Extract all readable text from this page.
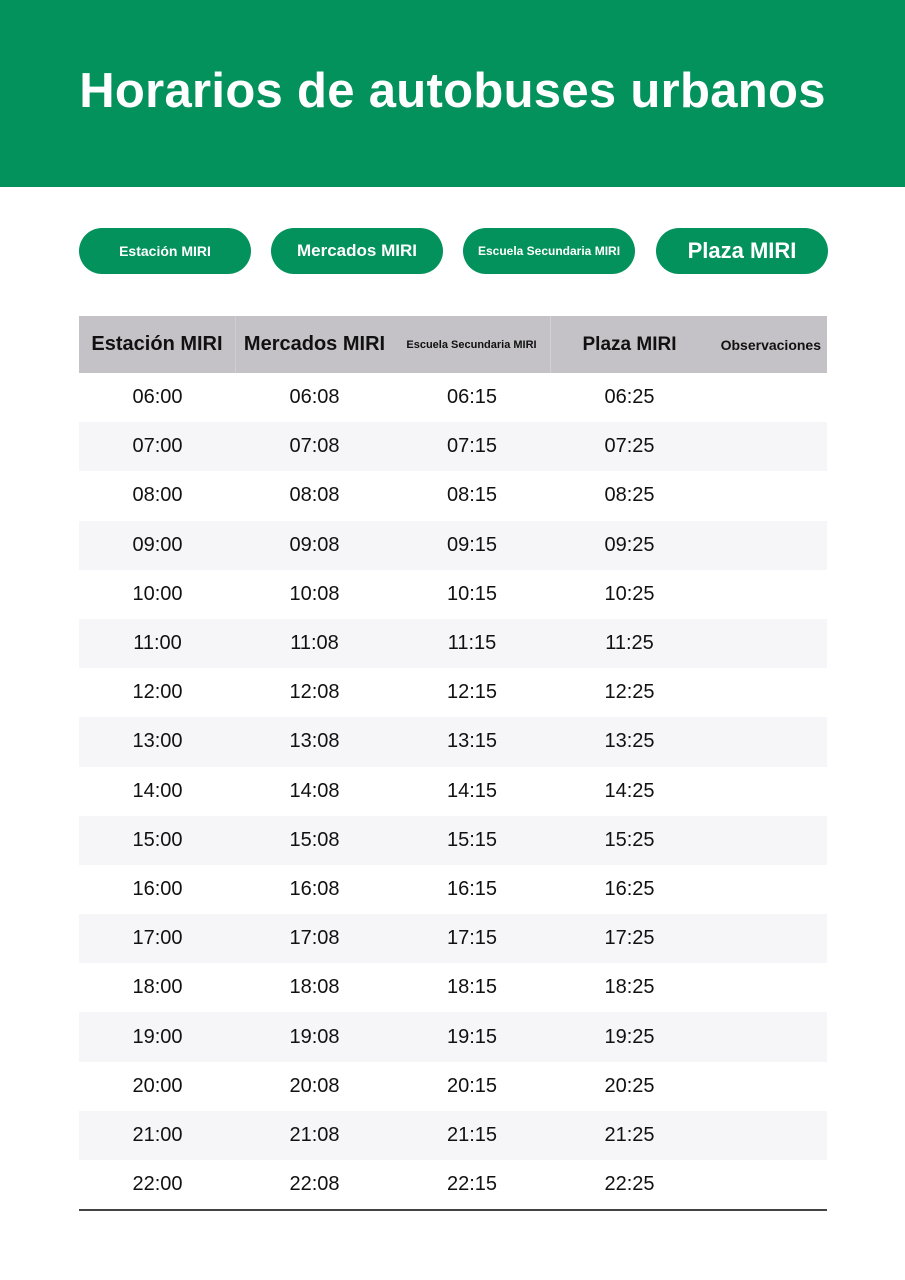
Horarios de autobuses urbanos
Estación MIRI	Mercados MIRI	Escuela Secundaria MIRI	Plaza MIRI
Estación MIRI	Mercados MIRI	Escuela Secundaria MIRI	Plaza MIRI	Observaciones
06:00	06:08	06:15	06:25
07:00	07:08	07:15	07:25
08:00	08:08	08:15	08:25
09:00	09:08	09:15	09:25
10:00	10:08	10:15	10:25
11:00	11:08	11:15	11:25
12:00	12:08	12:15	12:25
13:00	13:08	13:15	13:25
14:00	14:08	14:15	14:25
15:00	15:08	15:15	15:25
16:00	16:08	16:15	16:25
17:00	17:08	17:15	17:25
18:00	18:08	18:15	18:25
19:00	19:08	19:15	19:25
20:00	20:08	20:15	20:25
21:00	21:08	21:15	21:25
22:00	22:08	22:15	22:25
